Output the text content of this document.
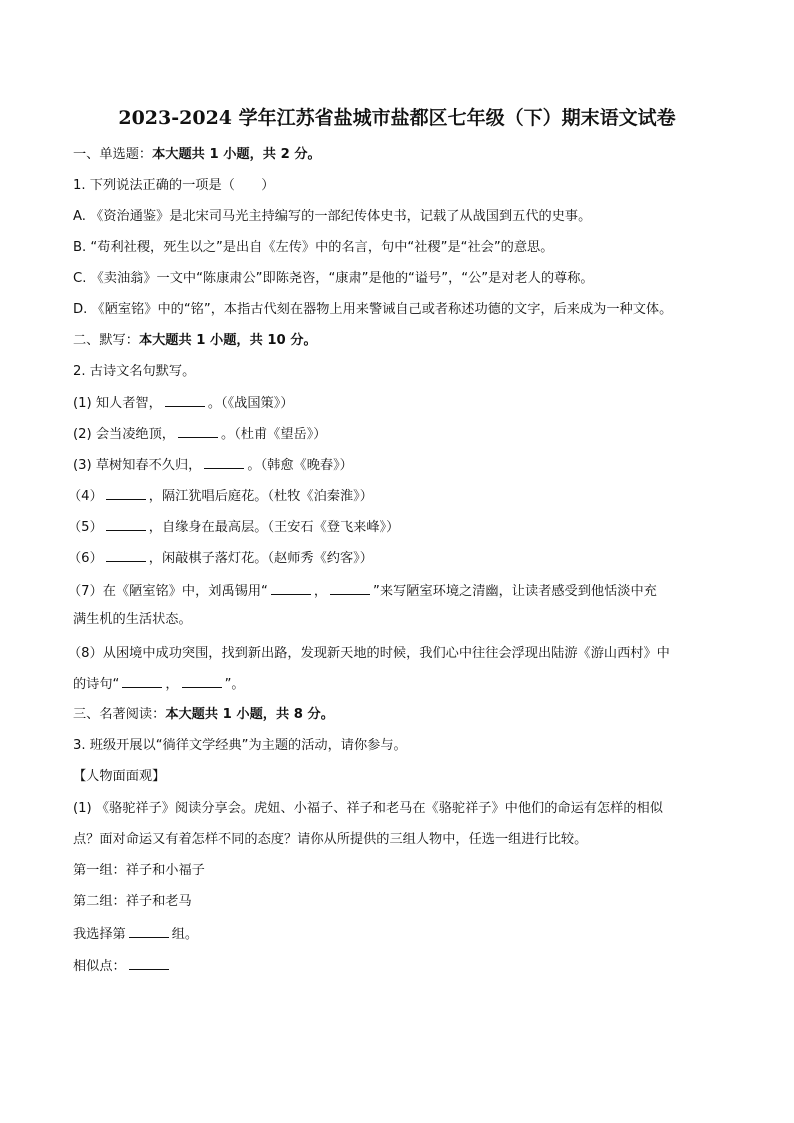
2023-2024 学年江苏省盐城市盐都区七年级（下）期末语文试卷
一、单选题：本大题共 1 小题，共 2 分。
1. 下列说法正确的一项是（　　）
A. 《资治通鉴》是北宋司马光主持编写的一部纪传体史书，记载了从战国到五代的史事。
B. “苟利社稷，死生以之”是出自《左传》中的名言，句中“社稷”是“社会”的意思。
C. 《卖油翁》一文中“陈康肃公”即陈尧咨，“康肃”是他的“谥号”，“公”是对老人的尊称。
D. 《陋室铭》中的“铭”，本指古代刻在器物上用来警诫自己或者称述功德的文字，后来成为一种文体。
二、默写：本大题共 1 小题，共 10 分。
2. 古诗文名句默写。
(1) 知人者智，	。（《战国策》）
(2) 会当凌绝顶，	。（杜甫《望岳》）
(3) 草树知春不久归，	。（韩愈《晚春》）
（4）	，隔江犹唱后庭花。（杜牧《泊秦淮》）
（5）	，自缘身在最高层。（王安石《登飞来峰》）
（6）	，闲敲棋子落灯花。（赵师秀《约客》）
（7）在《陋室铭》中，刘禹锡用“	，	”来写陋室环境之清幽，让读者感受到他恬淡中充
满生机的生活状态。
（8）从困境中成功突围，找到新出路，发现新天地的时候，我们心中往往会浮现出陆游《游山西村》中
的诗句“	，	”。
三、名著阅读：本大题共 1 小题，共 8 分。
3. 班级开展以“徜徉文学经典”为主题的活动，请你参与。
【人物面面观】
(1) 《骆驼祥子》阅读分享会。虎妞、小福子、祥子和老马在《骆驼祥子》中他们的命运有怎样的相似
点？面对命运又有着怎样不同的态度？请你从所提供的三组人物中，任选一组进行比较。
第一组：祥子和小福子
第二组：祥子和老马
我选择第	组。
相似点：
